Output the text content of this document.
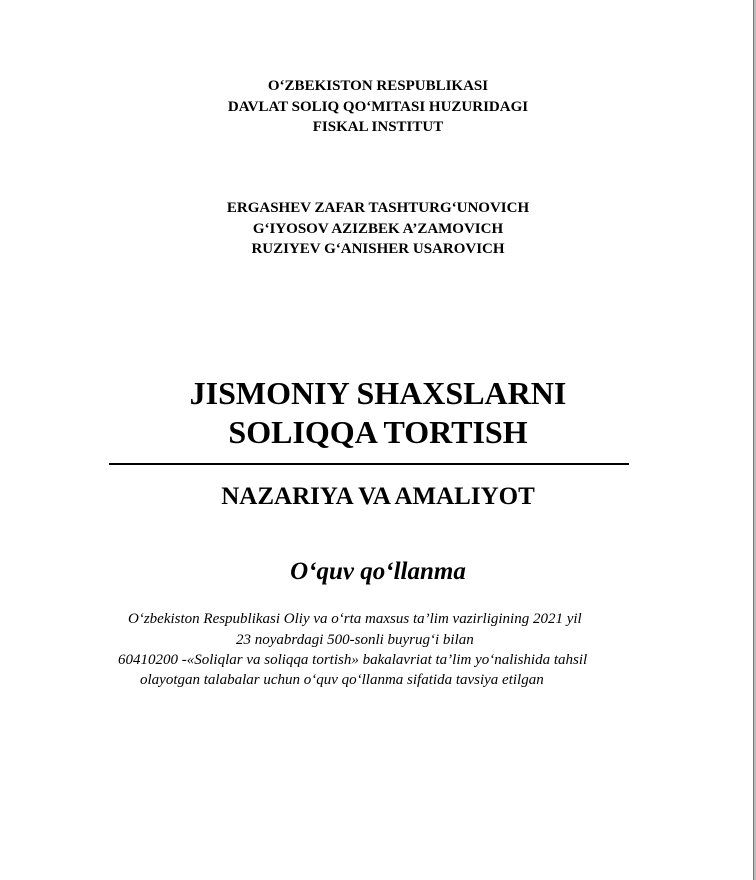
O‘ZBEKISTON RESPUBLIKASI
DAVLAT SOLIQ QO‘MITASI HUZURIDAGI
FISKAL INSTITUT
ERGASHEV ZAFAR TASHTURG‘UNOVICH
G‘IYOSOV AZIZBEK A’ZAMOVICH
RUZIYEV G‘ANISHER USAROVICH
JISMONIY SHAXSLARNI
SOLIQQA TORTISH
NAZARIYA VA AMALIYOT
O‘quv qo‘llanma
O‘zbekiston Respublikasi Oliy va o‘rta maxsus ta’lim vazirligining 2021 yil
23 noyabrdagi 500-sonli buyrug‘i bilan
60410200 -«Soliqlar va soliqqa tortish» bakalavriat ta’lim yo‘nalishida tahsil
olayotgan talabalar uchun o‘quv qo‘llanma sifatida tavsiya etilgan
